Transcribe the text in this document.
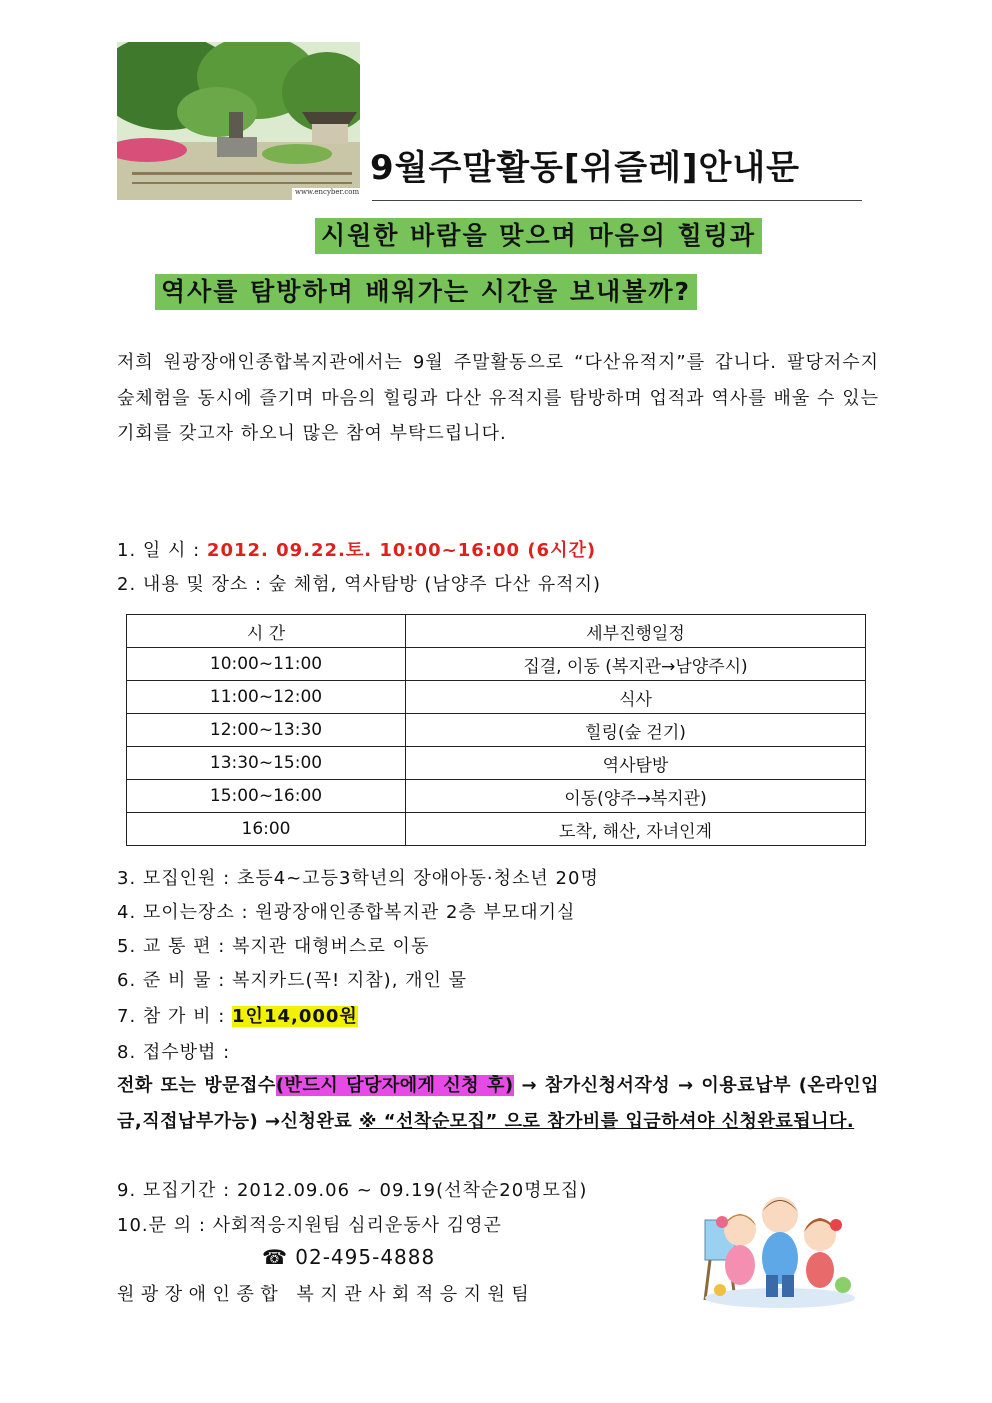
www.encyber.com
9월주말활동[위즐레]안내문
시원한 바람을 맞으며 마음의 힐링과
역사를 탐방하며 배워가는 시간을 보내볼까?
저희 원광장애인종합복지관에서는 9월 주말활동으로 “다산유적지”를 갑니다. 팔당저수지 숲체험을 동시에 즐기며 마음의 힐링과 다산 유적지를 탐방하며 업적과 역사를 배울 수 있는 기회를 갖고자 하오니 많은 참여 부탁드립니다.
1. 일 시 : 2012. 09.22.토. 10:00~16:00 (6시간)
2. 내용 및 장소 : 숲 체험, 역사탐방 (남양주 다산 유적지)
시 간	세부진행일정
10:00~11:00	집결, 이동 (복지관→남양주시)
11:00~12:00	식사
12:00~13:30	힐링(숲 걷기)
13:30~15:00	역사탐방
15:00~16:00	이동(양주→복지관)
16:00	도착, 해산, 자녀인계
3. 모집인원 : 초등4~고등3학년의 장애아동·청소년 20명
4. 모이는장소 : 원광장애인종합복지관 2층 부모대기실
5. 교 통 편 : 복지관 대형버스로 이동
6. 준 비 물 : 복지카드(꼭! 지참), 개인 물
7. 참 가 비 : 1인14,000원
8. 접수방법 :
전화 또는 방문접수(반드시 담당자에게 신청 후) → 참가신청서작성 → 이용료납부 (온라인입금,직접납부가능) →신청완료 ※ “선착순모집” 으로 참가비를 입금하셔야 신청완료됩니다.
9. 모집기간 : 2012.09.06 ~ 09.19(선착순20명모집)
10.문 의 : 사회적응지원팀 심리운동사 김영곤
☎ 02-495-4888
원광장애인종합 복지관사회적응지원팀
